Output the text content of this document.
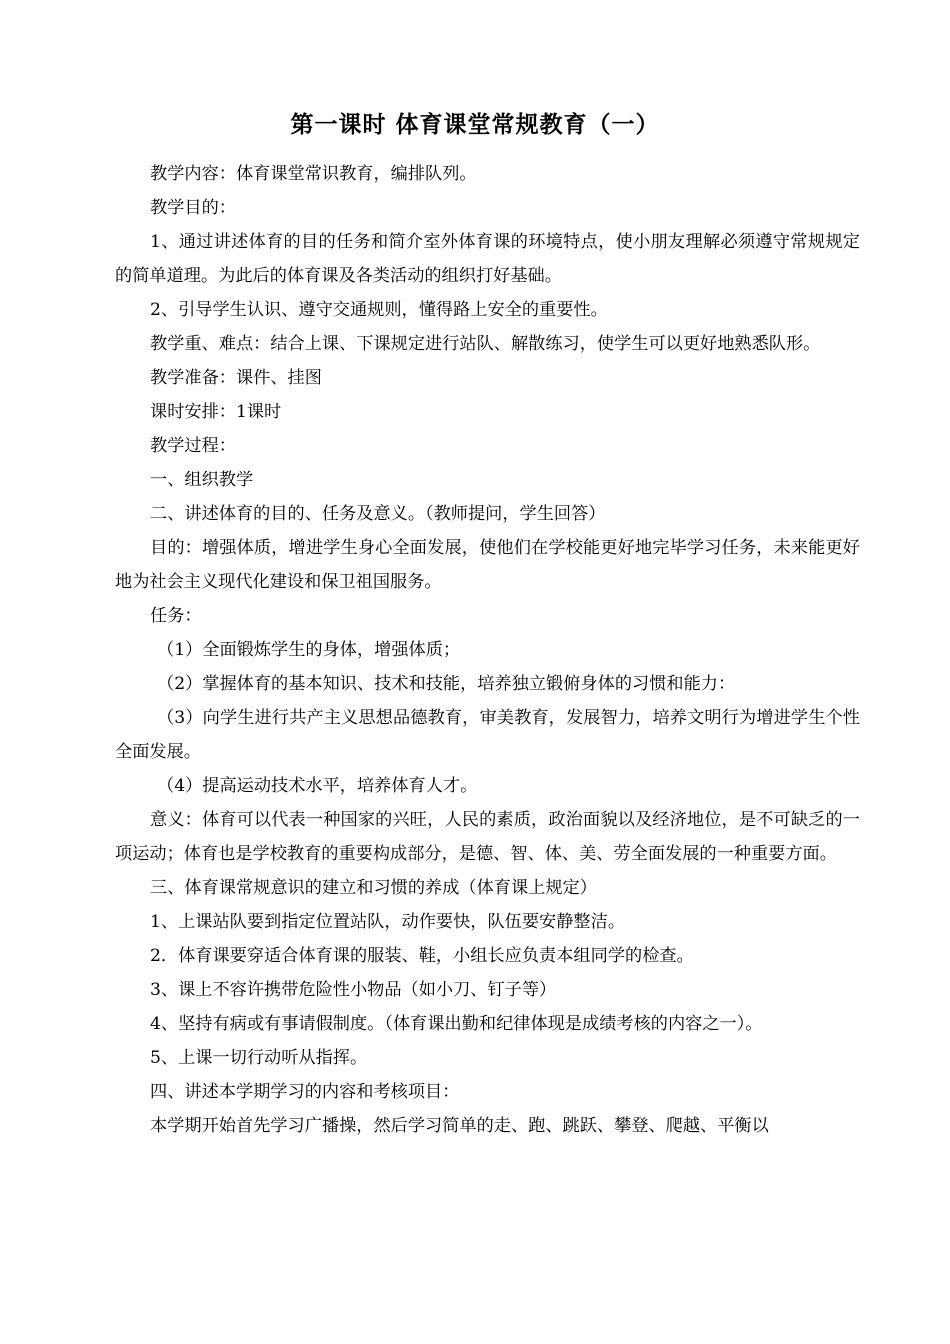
第一课时 体育课堂常规教育（一）

教学内容：体育课堂常识教育，编排队列。

教学目的：

1、通过讲述体育的目的任务和简介室外体育课的环境特点，使小朋友理解必须遵守常规规定的简单道理。为此后的体育课及各类活动的组织打好基础。

2、引导学生认识、遵守交通规则，懂得路上安全的重要性。

教学重、难点：结合上课、下课规定进行站队、解散练习，使学生可以更好地熟悉队形。

教学准备：课件、挂图

课时安排：1课时

教学过程：

一、组织教学

二、讲述体育的目的、任务及意义。（教师提问，学生回答）

目的：增强体质，增进学生身心全面发展，使他们在学校能更好地完毕学习任务，未来能更好地为社会主义现代化建设和保卫祖国服务。

任务：

（1）全面锻炼学生的身体，增强体质；

（2）掌握体育的基本知识、技术和技能，培养独立锻俯身体的习惯和能力：

（3）向学生进行共产主义思想品德教育，审美教育，发展智力，培养文明行为增进学生个性全面发展。

（4）提高运动技术水平，培养体育人才。

意义：体育可以代表一种国家的兴旺，人民的素质，政治面貌以及经济地位，是不可缺乏的一项运动；体育也是学校教育的重要构成部分，是德、智、体、美、劳全面发展的一种重要方面。

三、体育课常规意识的建立和习惯的养成（体育课上规定）

1、上课站队要到指定位置站队，动作要快，队伍要安静整洁。

2．体育课要穿适合体育课的服装、鞋，小组长应负责本组同学的检查。

3、课上不容许携带危险性小物品（如小刀、钉子等）

4、坚持有病或有事请假制度。（体育课出勤和纪律体现是成绩考核的内容之一）。

5、上课一切行动听从指挥。

四、讲述本学期学习的内容和考核项目：

本学期开始首先学习广播操，然后学习简单的走、跑、跳跃、攀登、爬越、平衡以
